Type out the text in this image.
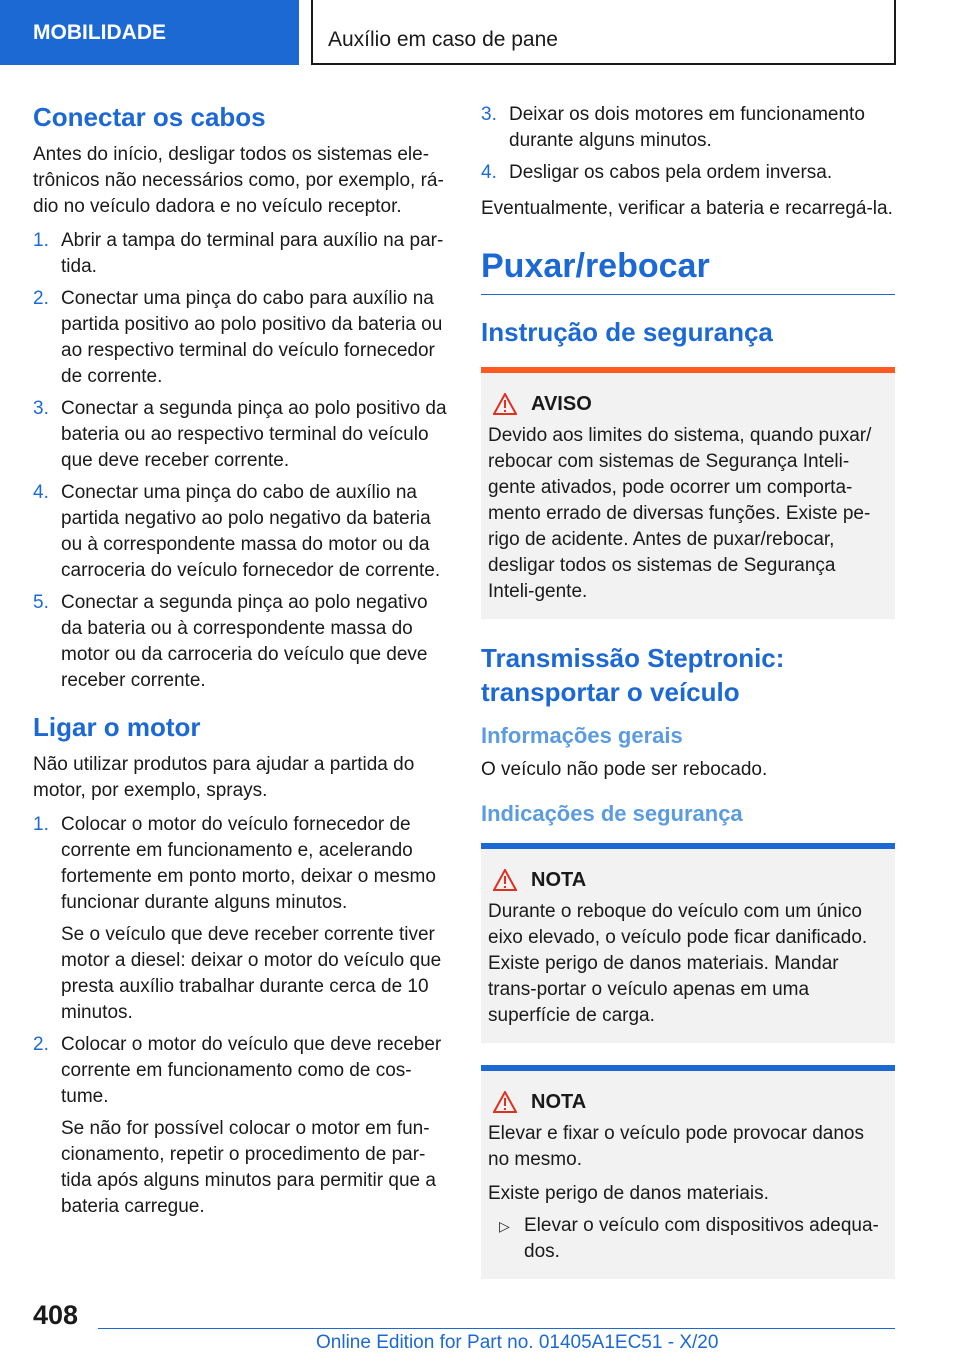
MOBILIDADE	Auxílio em caso de pane
Conectar os cabos

Antes do início, desligar todos os sistemas ele-trônicos não necessários como, por exemplo, rá-dio no veículo dadora e no veículo receptor.

1. Abrir a tampa do terminal para auxílio na par-tida.
2. Conectar uma pinça do cabo para auxílio na partida positivo ao polo positivo da bateria ou ao respectivo terminal do veículo fornecedor de corrente.
3. Conectar a segunda pinça ao polo positivo da bateria ou ao respectivo terminal do veículo que deve receber corrente.
4. Conectar uma pinça do cabo de auxílio na partida negativo ao polo negativo da bateria ou à correspondente massa do motor ou da carroceria do veículo fornecedor de corrente.
5. Conectar a segunda pinça ao polo negativo da bateria ou à correspondente massa do motor ou da carroceria do veículo que deve receber corrente.
Ligar o motor

Não utilizar produtos para ajudar a partida do motor, por exemplo, sprays.

1. Colocar o motor do veículo fornecedor de corrente em funcionamento e, acelerando fortemente em ponto morto, deixar o mesmo funcionar durante alguns minutos.
Se o veículo que deve receber corrente tiver motor a diesel: deixar o motor do veículo que presta auxílio trabalhar durante cerca de 10 minutos.
2. Colocar o motor do veículo que deve receber corrente em funcionamento como de cos-tume.
Se não for possível colocar o motor em fun-cionamento, repetir o procedimento de par-tida após alguns minutos para permitir que a bateria carregue.
3. Deixar os dois motores em funcionamento durante alguns minutos.
4. Desligar os cabos pela ordem inversa.

Eventualmente, verificar a bateria e recarregá-la.

Puxar/rebocar
Instrução de segurança
AVISO
Devido aos limites do sistema, quando puxar/ rebocar com sistemas de Segurança Inteli-gente ativados, pode ocorrer um comporta-mento errado de diversas funções. Existe pe-rigo de acidente. Antes de puxar/rebocar, desligar todos os sistemas de Segurança Inteli-gente.
Transmissão Steptronic: transportar o veículo
Informações gerais

O veículo não pode ser rebocado.

Indicações de segurança
NOTA
Durante o reboque do veículo com um único eixo elevado, o veículo pode ficar danificado. Existe perigo de danos materiais. Mandar trans-portar o veículo apenas em uma superfície de carga.
NOTA

Elevar e fixar o veículo pode provocar danos no mesmo.

Existe perigo de danos materiais.

▷ Elevar o veículo com dispositivos adequa-dos.
408
Online Edition for Part no. 01405A1EC51 - X/20
